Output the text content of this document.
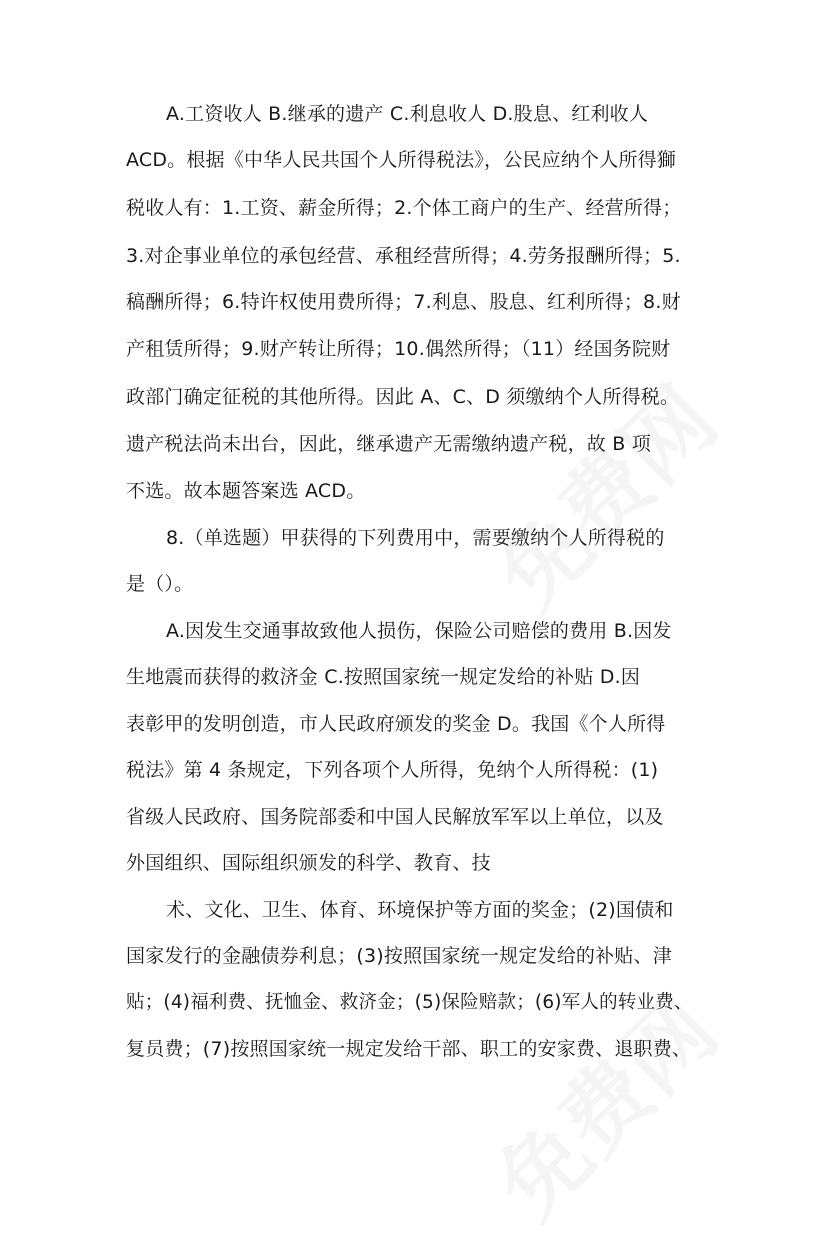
A.工资收人 B.继承的遗产 C.利息收人 D.股息、红利收人
ACD。根据《中华人民共国个人所得税法》，公民应纳个人所得獅
税收人有：1.工资、薪金所得；2.个体工商户的生产、经营所得；
3.对企事业单位的承包经营、承租经营所得；4.劳务报酬所得；5.
稿酬所得；6.特许权使用费所得；7.利息、股息、红利所得；8.财
产租赁所得；9.财产转让所得；10.偶然所得；（11）经国务院财
政部门确定征税的其他所得。因此 A、C、D 须缴纳个人所得税。
遗产税法尚未出台，因此，继承遗产无需缴纳遗产税，故 B 项
不选。故本题答案选 ACD。
8.（单选题）甲获得的下列费用中，需要缴纳个人所得税的
是（）。
A.因发生交通事故致他人损伤，保险公司赔偿的费用 B.因发
生地震而获得的救济金 C.按照国家统一规定发给的补贴 D.因
表彰甲的发明创造，市人民政府颁发的奖金 D。我国《个人所得
税法》第 4 条规定，下列各项个人所得，免纳个人所得税：(1)
省级人民政府、国务院部委和中国人民解放军军以上单位，以及
外国组织、国际组织颁发的科学、教育、技
术、文化、卫生、体育、环境保护等方面的奖金；(2)国债和
国家发行的金融债券利息；(3)按照国家统一规定发给的补贴、津
贴；(4)福利费、抚恤金、救济金；(5)保险赔款；(6)军人的转业费、
复员费；(7)按照国家统一规定发给干部、职工的安家费、退职费、
